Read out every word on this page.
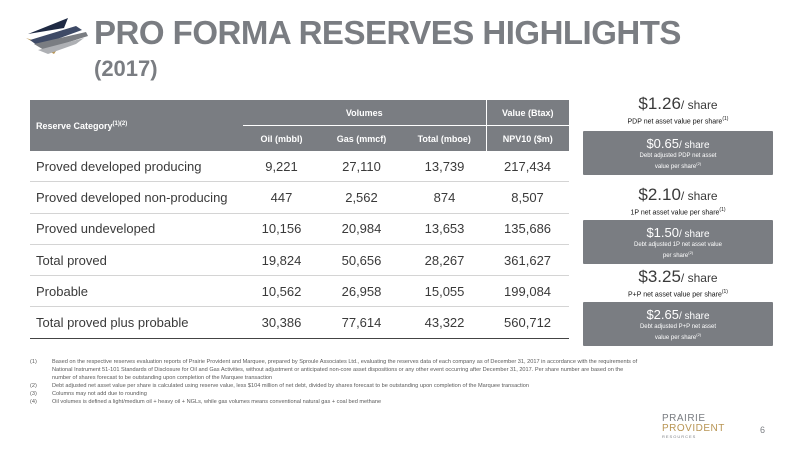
PRO FORMA RESERVES HIGHLIGHTS
(2017)
Reserve Category$^{(1)(2)}$	Volumes			Value (Btax)
	Oil (mbbl)	Gas (mmcf)	Total (mboe)	NPV10 ($m)
Proved developed producing	9,221	27,110	13,739	217,434
Proved developed non-producing	447	2,562	874	8,507
Proved undeveloped	10,156	20,984	13,653	135,686
Total proved	19,824	50,656	28,267	361,627
Probable	10,562	26,958	15,055	199,084
Total proved plus probable	30,386	77,614	43,322	560,712
$1.26/ share
PDP net asset value per share$^{(1)}$
$0.65/ share
Debt adjusted PDP net asset value per share$^{(2)}$
$2.10/ share
1P net asset value per share$^{(1)}$
$1.50/ share
Debt adjusted 1P net asset value per share$^{(2)}$
$3.25/ share
P+P net asset value per share$^{(1)}$
$2.65/ share
Debt adjusted P+P net asset value per share$^{(2)}$
(1)	Based on the respective reserves evaluation reports of Prairie Provident and Marquee, prepared by Sproule Associates Ltd., evaluating the reserves data of each company as of December 31, 2017 in accordance with the requirements of National Instrument 51-101 Standards of Disclosure for Oil and Gas Activities, without adjustment or anticipated non-core asset dispositions or any other event occurring after December 31, 2017. Per share number are based on the number of shares forecast to be outstanding upon completion of the Marquee transaction
(2)	Debt adjusted net asset value per share is calculated using reserve value, less $104 million of net debt, divided by shares forecast to be outstanding upon completion of the Marquee transaction
(3)	Columns may not add due to rounding
(4)	Oil volumes is defined a light/medium oil + heavy oil + NGLs, while gas volumes means conventional natural gas + coal bed methane
PRAIRIE
PROVIDENT
RESOURCES
6
